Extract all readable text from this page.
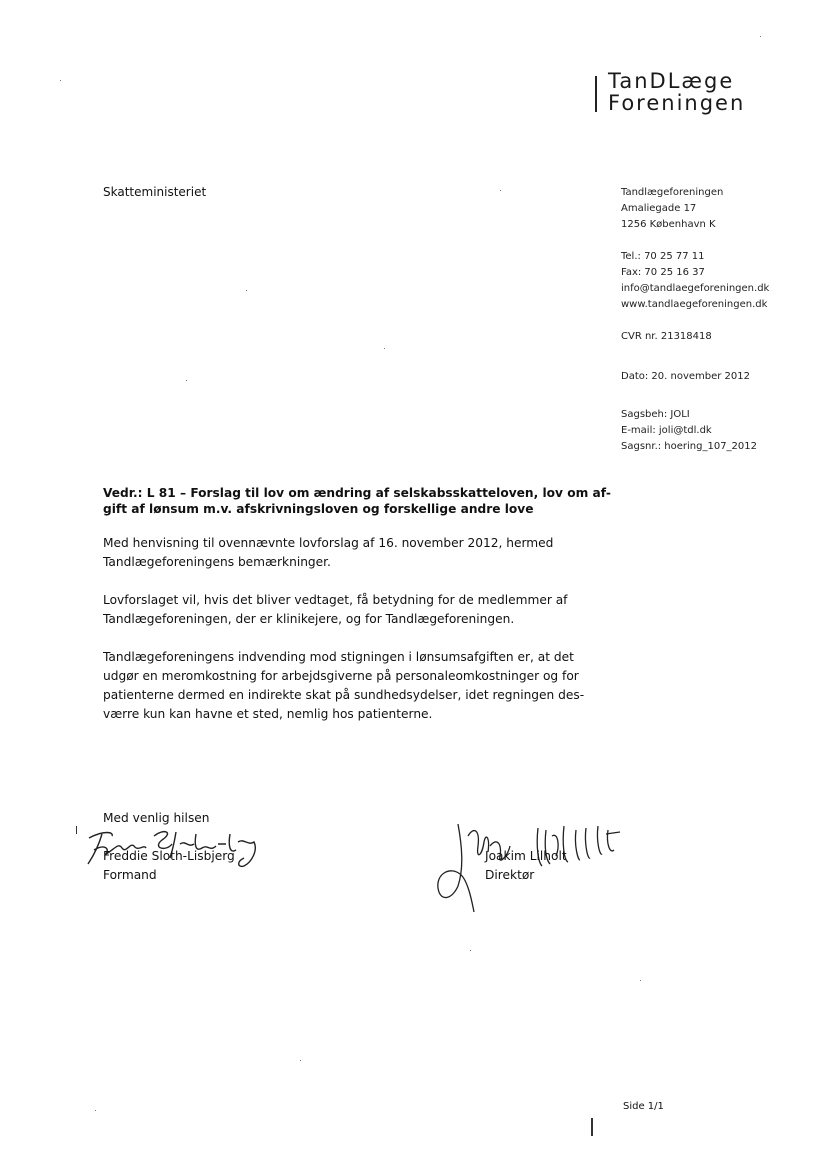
TanDLæge
Foreningen
Skatteministeriet	Tandlægeforeningen
Amaliegade 17
1256 København K
Tel.: 70 25 77 11
Fax: 70 25 16 37
info@tandlaegeforeningen.dk
www.tandlaegeforeningen.dk
CVR nr. 21318418
Dato: 20. november 2012
Sagsbeh: JOLI
E-mail: joli@tdl.dk
Sagsnr.: hoering_107_2012
Vedr.: L 81 – Forslag til lov om ændring af selskabsskatteloven, lov om af-
gift af lønsum m.v. afskrivningsloven og forskellige andre love
Med henvisning til ovennævnte lovforslag af 16. november 2012, hermed
Tandlægeforeningens bemærkninger.
Lovforslaget vil, hvis det bliver vedtaget, få betydning for de medlemmer af
Tandlægeforeningen, der er klinikejere, og for Tandlægeforeningen.
Tandlægeforeningens indvending mod stigningen i lønsumsafgiften er, at det
udgør en meromkostning for arbejdsgiverne på personaleomkostninger og for
patienterne dermed en indirekte skat på sundhedsydelser, idet regningen des-
værre kun kan havne et sted, nemlig hos patienterne.
Med venlig hilsen
Freddie Sloth-Lisbjerg
Formand
Joakim Lilholt
Direktør
Side 1/1
